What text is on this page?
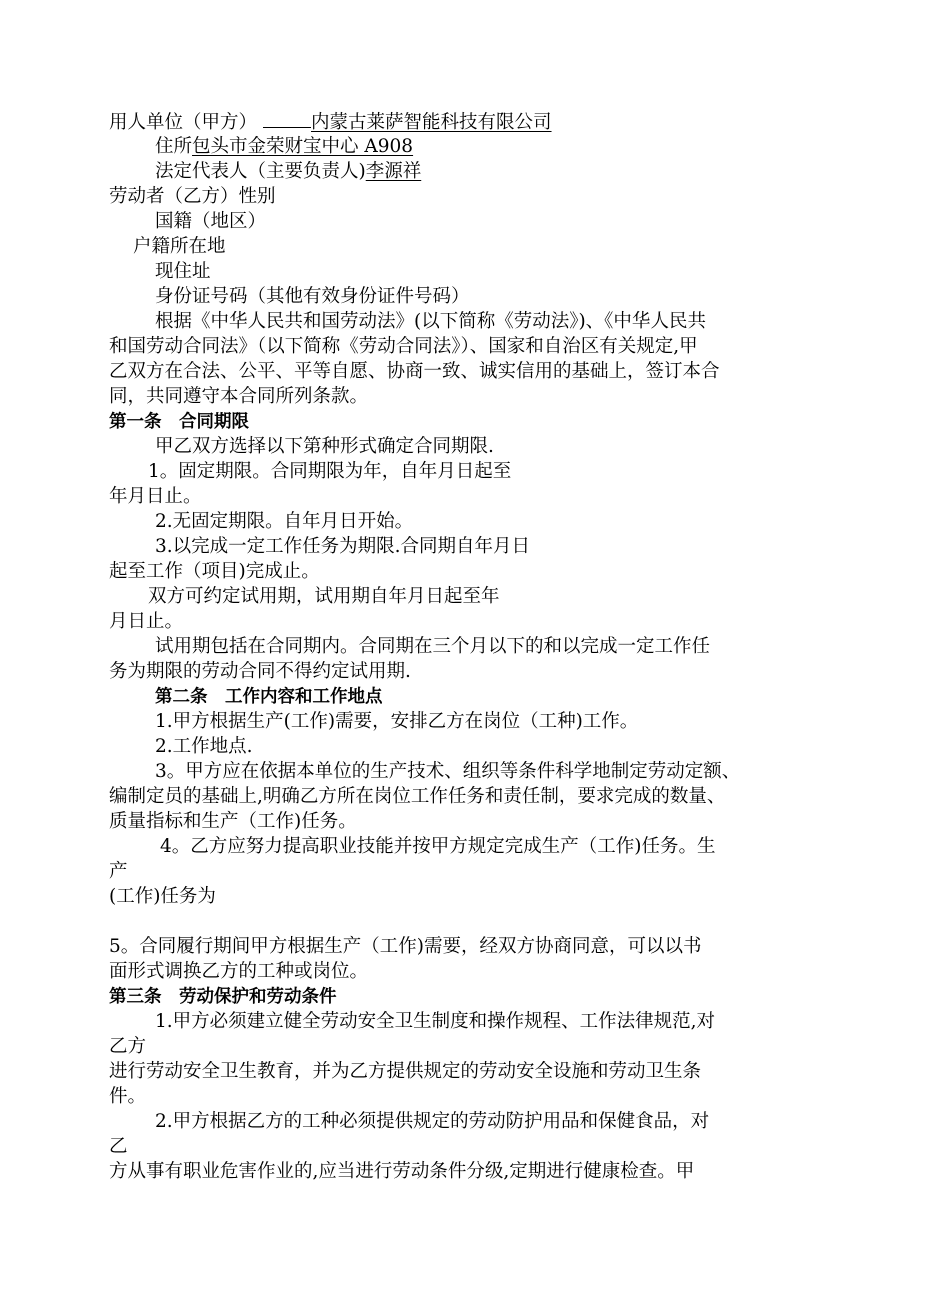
用人单位（甲方）	内蒙古莱萨智能科技有限公司
住所包头市金荣财宝中心 A908
法定代表人（主要负责人)李源祥
劳动者（乙方）性别
国籍（地区）
户籍所在地
现住址
身份证号码（其他有效身份证件号码）
根据《中华人民共和国劳动法》(以下简称《劳动法》)、《中华人民共
和国劳动合同法》（以下简称《劳动合同法》）、国家和自治区有关规定,甲
乙双方在合法、公平、平等自愿、协商一致、诚实信用的基础上，签订本合
同，共同遵守本合同所列条款。
第一条　合同期限
甲乙双方选择以下第种形式确定合同期限.
1。固定期限。合同期限为年，自年月日起至
年月日止。
2.无固定期限。自年月日开始。
3.以完成一定工作任务为期限.合同期自年月日
起至工作（项目)完成止。
双方可约定试用期，试用期自年月日起至年
月日止。
试用期包括在合同期内。合同期在三个月以下的和以完成一定工作任
务为期限的劳动合同不得约定试用期.
第二条　工作内容和工作地点
1.甲方根据生产(工作)需要，安排乙方在岗位（工种)工作。
2.工作地点.
3。甲方应在依据本单位的生产技术、组织等条件科学地制定劳动定额、
编制定员的基础上,明确乙方所在岗位工作任务和责任制，要求完成的数量、
质量指标和生产（工作)任务。
4。乙方应努力提高职业技能并按甲方规定完成生产（工作)任务。生
产
(工作)任务为
5。合同履行期间甲方根据生产（工作)需要，经双方协商同意，可以以书
面形式调换乙方的工种或岗位。
第三条　劳动保护和劳动条件
1.甲方必须建立健全劳动安全卫生制度和操作规程、工作法律规范,对
乙方
进行劳动安全卫生教育，并为乙方提供规定的劳动安全设施和劳动卫生条
件。
2.甲方根据乙方的工种必须提供规定的劳动防护用品和保健食品，对
乙
方从事有职业危害作业的,应当进行劳动条件分级,定期进行健康检查。甲
